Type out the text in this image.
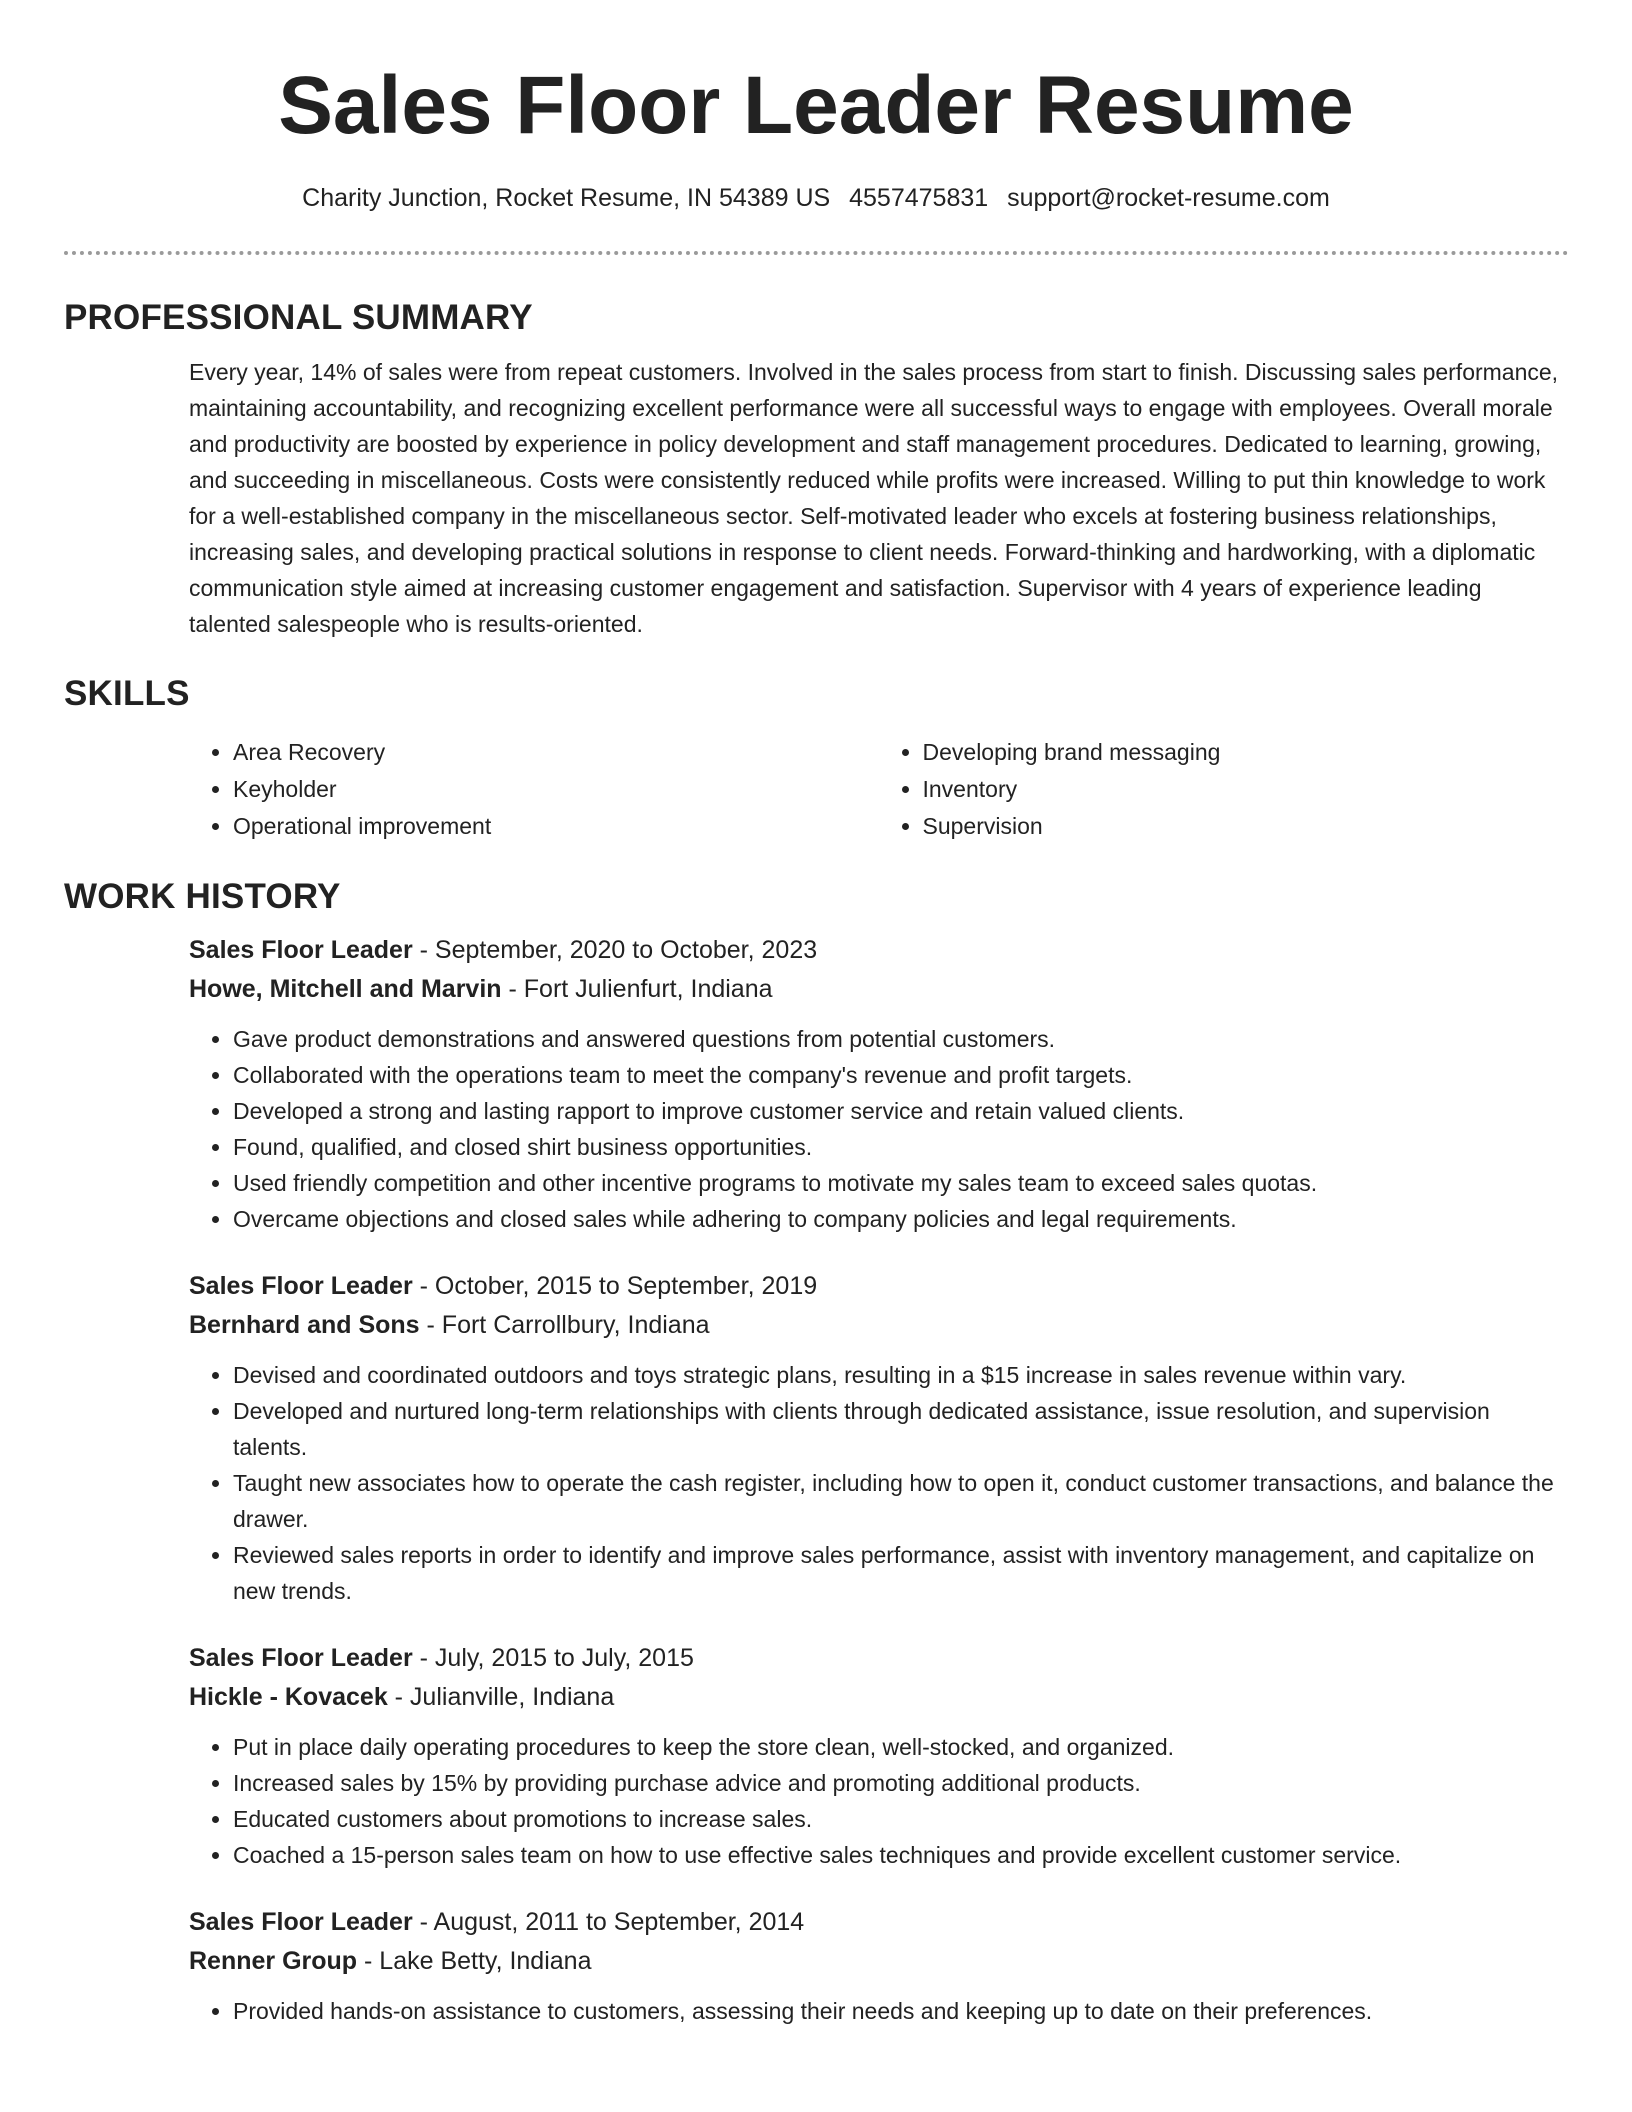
Sales Floor Leader Resume
Charity Junction, Rocket Resume, IN 54389 US 4557475831 support@rocket-resume.com
PROFESSIONAL SUMMARY

Every year, 14% of sales were from repeat customers. Involved in the sales process from start to finish. Discussing sales performance, maintaining accountability, and recognizing excellent performance were all successful ways to engage with employees. Overall morale and productivity are boosted by experience in policy development and staff management procedures. Dedicated to learning, growing, and succeeding in miscellaneous. Costs were consistently reduced while profits were increased. Willing to put thin knowledge to work for a well-established company in the miscellaneous sector. Self-motivated leader who excels at fostering business relationships, increasing sales, and developing practical solutions in response to client needs. Forward-thinking and hardworking, with a diplomatic communication style aimed at increasing customer engagement and satisfaction. Supervisor with 4 years of experience leading talented salespeople who is results-oriented.

SKILLS
• Area Recovery
• Keyholder
• Operational improvement
• Developing brand messaging
• Inventory
• Supervision
WORK HISTORY
Sales Floor Leader - September, 2020 to October, 2023
Howe, Mitchell and Marvin - Fort Julienfurt, Indiana
• Gave product demonstrations and answered questions from potential customers.
• Collaborated with the operations team to meet the company's revenue and profit targets.
• Developed a strong and lasting rapport to improve customer service and retain valued clients.
• Found, qualified, and closed shirt business opportunities.
• Used friendly competition and other incentive programs to motivate my sales team to exceed sales quotas.
• Overcame objections and closed sales while adhering to company policies and legal requirements.
Sales Floor Leader - October, 2015 to September, 2019
Bernhard and Sons - Fort Carrollbury, Indiana
• Devised and coordinated outdoors and toys strategic plans, resulting in a $15 increase in sales revenue within vary.
• Developed and nurtured long-term relationships with clients through dedicated assistance, issue resolution, and supervision talents.
• Taught new associates how to operate the cash register, including how to open it, conduct customer transactions, and balance the drawer.
• Reviewed sales reports in order to identify and improve sales performance, assist with inventory management, and capitalize on new trends.
Sales Floor Leader - July, 2015 to July, 2015
Hickle - Kovacek - Julianville, Indiana
• Put in place daily operating procedures to keep the store clean, well-stocked, and organized.
• Increased sales by 15% by providing purchase advice and promoting additional products.
• Educated customers about promotions to increase sales.
• Coached a 15-person sales team on how to use effective sales techniques and provide excellent customer service.
Sales Floor Leader - August, 2011 to September, 2014
Renner Group - Lake Betty, Indiana
• Provided hands-on assistance to customers, assessing their needs and keeping up to date on their preferences.
